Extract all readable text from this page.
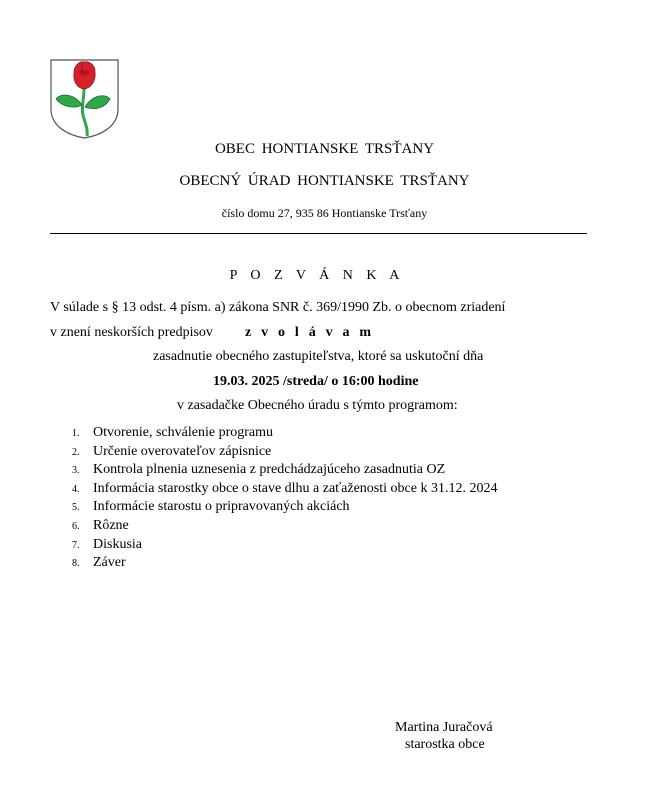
OBEC HONTIANSKE TRSŤANY
OBECNÝ ÚRAD HONTIANSKE TRSŤANY
číslo domu 27, 935 86 Hontianske Trsťany
P O Z V Á N K A
V súlade s § 13 odst. 4 písm. a) zákona SNR č. 369/1990 Zb. o obecnom zriadení
v znení neskorších predpisov z v o l á v a m
zasadnutie obecného zastupiteľstva, ktoré sa uskutoční dňa
19.03. 2025 /streda/ o 16:00 hodine
v zasadačke Obecného úradu s týmto programom:
1. Otvorenie, schválenie programu
2. Určenie overovateľov zápisnice
3. Kontrola plnenia uznesenia z predchádzajúceho zasadnutia OZ
4. Informácia starostky obce o stave dlhu a zaťaženosti obce k 31.12. 2024
5. Informácie starostu o pripravovaných akciách
6. Rôzne
7. Diskusia
8. Záver
Martina Juračová
starostka obce
